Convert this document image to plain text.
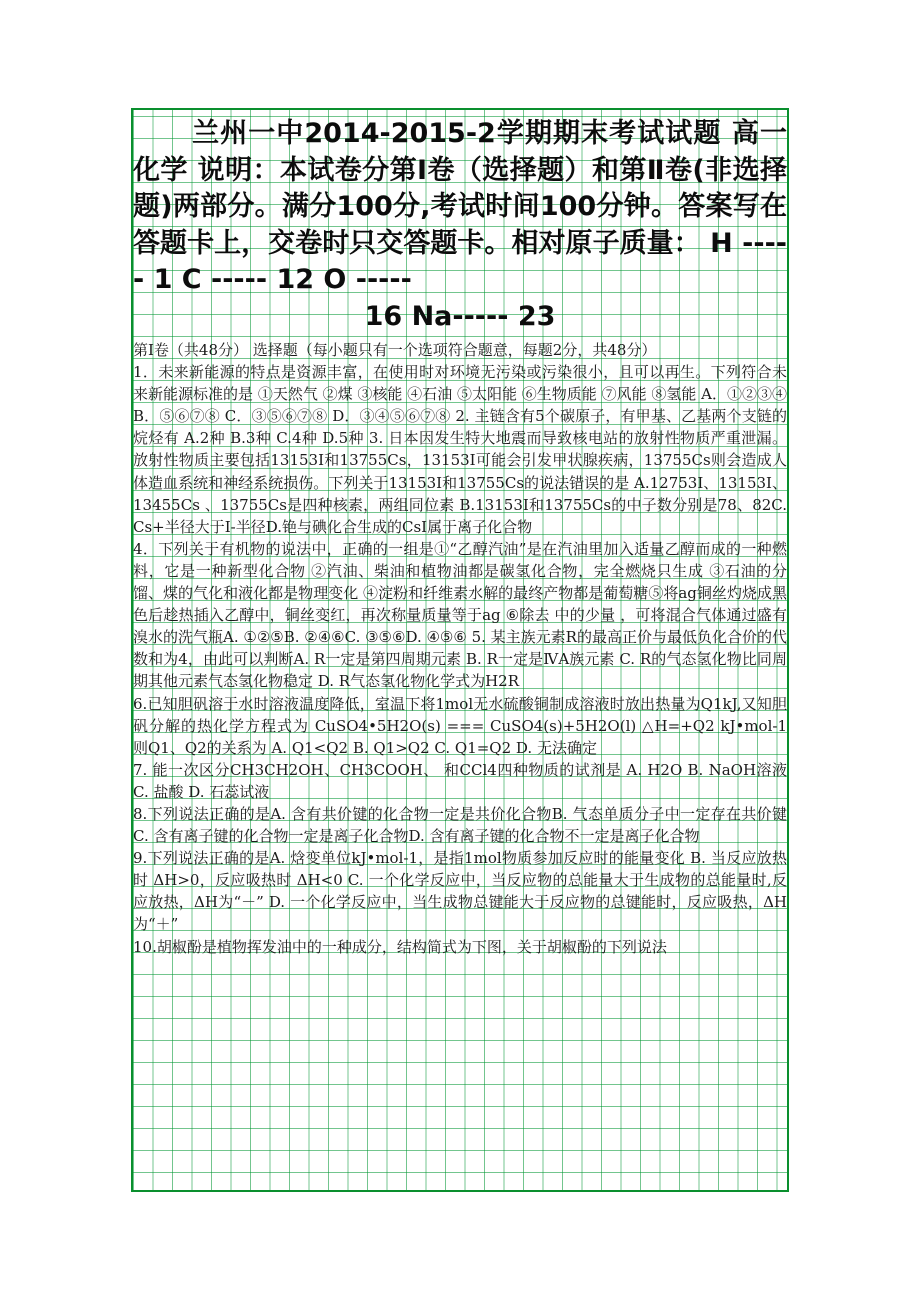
兰州一中2014-2015-2学期期末考试试题 高一化学 说明：本试卷分第Ⅰ卷（选择题）和第Ⅱ卷(非选择题)两部分。满分100分,考试时间100分钟。答案写在答题卡上，交卷时只交答题卡。相对原子质量： H ----- 1 C ----- 12 O -----
16 Na----- 23

第Ⅰ卷（共48分） 选择题（每小题只有一个选项符合题意，每题2分，共48分）

1．未来新能源的特点是资源丰富，在使用时对环境无污染或污染很小，且可以再生。下列符合未来新能源标准的是 ①天然气 ②煤 ③核能 ④石油 ⑤太阳能 ⑥生物质能 ⑦风能 ⑧氢能 A．①②③④ B．⑤⑥⑦⑧ C．③⑤⑥⑦⑧ D．③④⑤⑥⑦⑧ 2. 主链含有5个碳原子，有甲基、乙基两个支链的烷烃有 A.2种 B.3种 C.4种 D.5种 3. 日本因发生特大地震而导致核电站的放射性物质严重泄漏。放射性物质主要包括13153I和13755Cs，13153I可能会引发甲状腺疾病，13755Cs则会造成人体造血系统和神经系统损伤。下列关于13153I和13755Cs的说法错误的是 A.12753I、13153I、13455Cs 、13755Cs是四种核素，两组同位素 B.13153I和13755Cs的中子数分别是78、82C.Cs+半径大于I-半径D.铯与碘化合生成的CsI属于离子化合物

4．下列关于有机物的说法中，正确的一组是①“乙醇汽油”是在汽油里加入适量乙醇而成的一种燃料，它是一种新型化合物 ②汽油、柴油和植物油都是碳氢化合物，完全燃烧只生成 ③石油的分馏、煤的气化和液化都是物理变化 ④淀粉和纤维素水解的最终产物都是葡萄糖⑤将ag铜丝灼烧成黑色后趁热插入乙醇中，铜丝变红，再次称量质量等于ag ⑥除去 中的少量 ，可将混合气体通过盛有溴水的洗气瓶A. ①②⑤B. ②④⑥C. ③⑤⑥D. ④⑤⑥ 5. 某主族元素R的最高正价与最低负化合价的代数和为4，由此可以判断A. R一定是第四周期元素 B. R一定是ⅣA族元素 C. R的气态氢化物比同周期其他元素气态氢化物稳定 D. R气态氢化物化学式为H2R

6.已知胆矾溶于水时溶液温度降低，室温下将1mol无水硫酸铜制成溶液时放出热量为Q1kJ,又知胆矾分解的热化学方程式为 CuSO4•5H2O(s) === CuSO4(s)+5H2O(l) △H=+Q2 kJ•mol-1 则Q1、Q2的关系为 A. Q1<Q2 B. Q1>Q2 C. Q1=Q2 D. 无法确定

7. 能一次区分CH3CH2OH、CH3COOH、 和CCl4四种物质的试剂是 A. H2O B. NaOH溶液 C. 盐酸 D. 石蕊试液

8.下列说法正确的是A. 含有共价键的化合物一定是共价化合物B. 气态单质分子中一定存在共价键C. 含有离子键的化合物一定是离子化合物D. 含有离子键的化合物不一定是离子化合物

9.下列说法正确的是A. 焓变单位kJ•mol-1，是指1mol物质参加反应时的能量变化 B. 当反应放热时 ΔH>0，反应吸热时 ΔH<0 C. 一个化学反应中，当反应物的总能量大于生成物的总能量时,反应放热，ΔH为“－” D. 一个化学反应中，当生成物总键能大于反应物的总键能时，反应吸热，ΔH为“＋”

10.胡椒酚是植物挥发油中的一种成分，结构简式为下图，关于胡椒酚的下列说法
